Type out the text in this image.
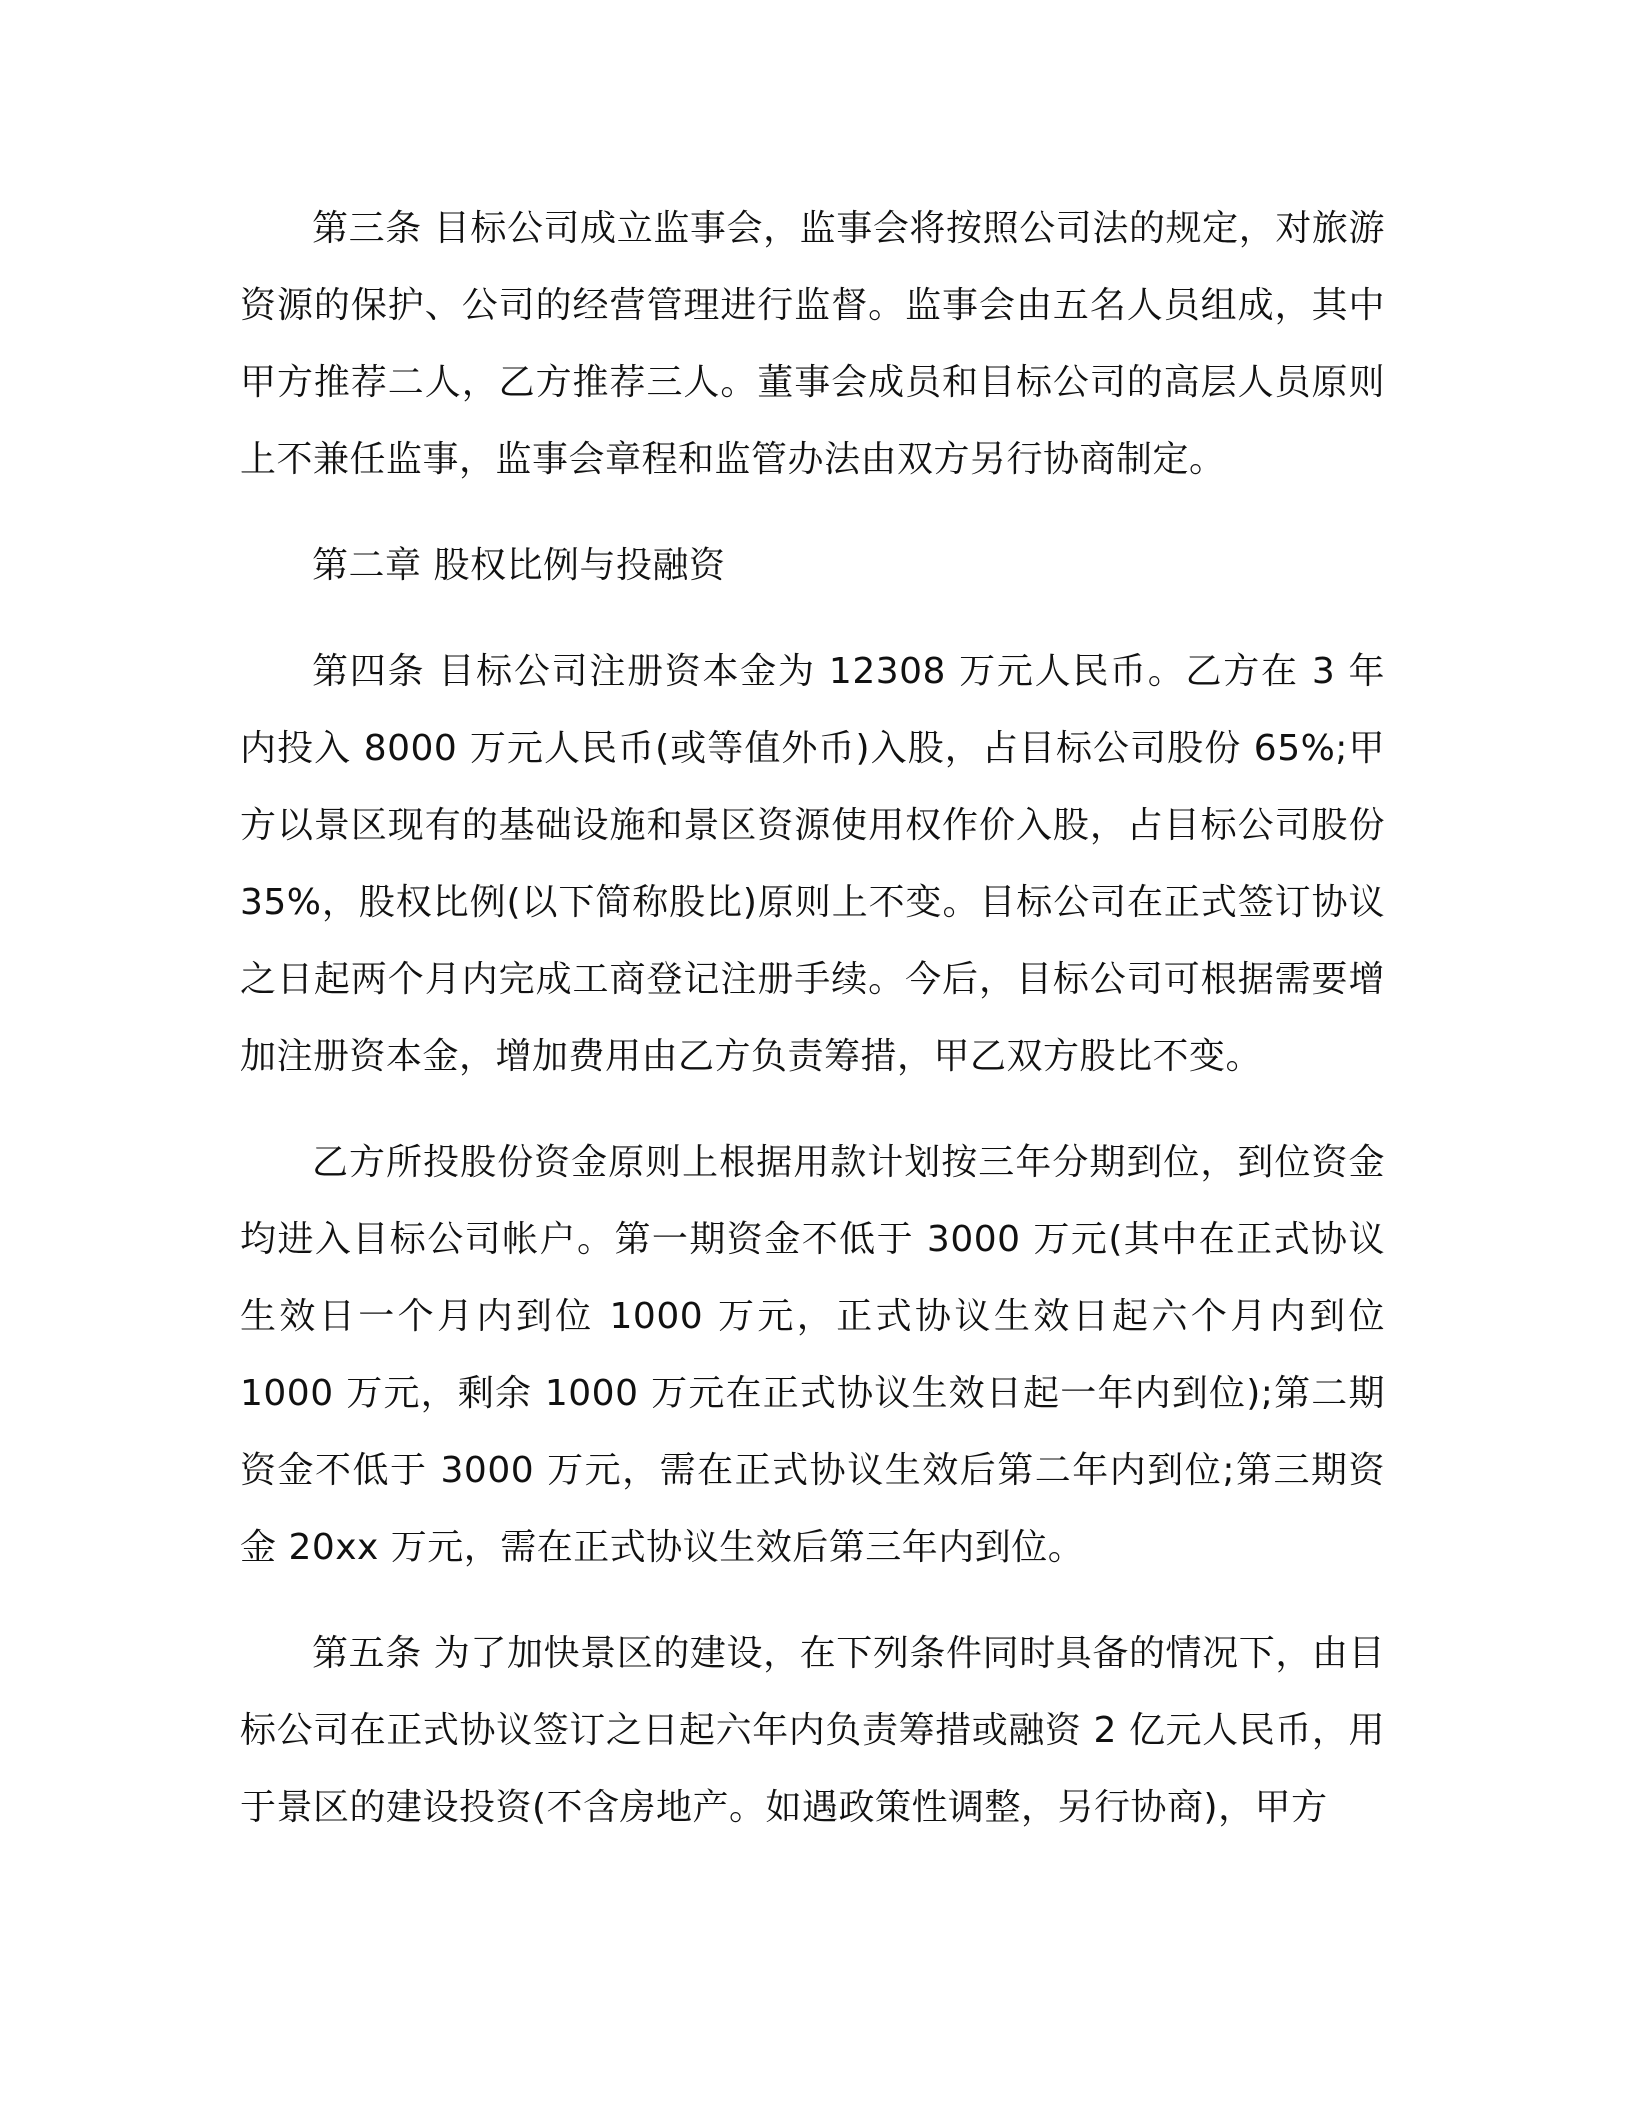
第三条 目标公司成立监事会，监事会将按照公司法的规定，对旅游资源的保护、公司的经营管理进行监督。监事会由五名人员组成，其中甲方推荐二人，乙方推荐三人。董事会成员和目标公司的高层人员原则上不兼任监事，监事会章程和监管办法由双方另行协商制定。

第二章 股权比例与投融资

第四条 目标公司注册资本金为 12308 万元人民币。乙方在 3 年内投入 8000 万元人民币(或等值外币)入股，占目标公司股份 65%;甲方以景区现有的基础设施和景区资源使用权作价入股，占目标公司股份 35%，股权比例(以下简称股比)原则上不变。目标公司在正式签订协议之日起两个月内完成工商登记注册手续。今后，目标公司可根据需要增加注册资本金，增加费用由乙方负责筹措，甲乙双方股比不变。

乙方所投股份资金原则上根据用款计划按三年分期到位，到位资金均进入目标公司帐户。第一期资金不低于 3000 万元(其中在正式协议生效日一个月内到位 1000 万元，正式协议生效日起六个月内到位 1000 万元，剩余 1000 万元在正式协议生效日起一年内到位);第二期资金不低于 3000 万元，需在正式协议生效后第二年内到位;第三期资金 20xx 万元，需在正式协议生效后第三年内到位。

第五条 为了加快景区的建设，在下列条件同时具备的情况下，由目标公司在正式协议签订之日起六年内负责筹措或融资 2 亿元人民币，用于景区的建设投资(不含房地产。如遇政策性调整，另行协商)，甲方
